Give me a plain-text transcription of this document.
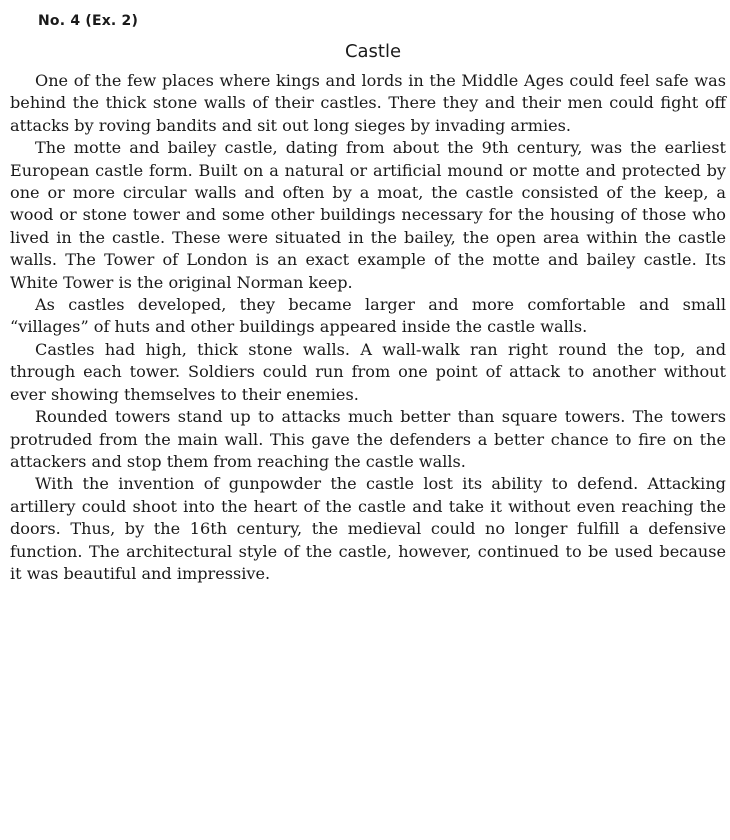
No. 4 (Ex. 2)
Castle

One of the few places where kings and lords in the Middle Ages could feel safe was behind the thick stone walls of their castles. There they and their men could fight off attacks by roving bandits and sit out long sieges by invading armies.

The motte and bailey castle, dating from about the 9th century, was the earliest European castle form. Built on a natural or artificial mound or motte and protected by one or more circular walls and often by a moat, the castle consisted of the keep, a wood or stone tower and some other buildings necessary for the housing of those who lived in the castle. These were situated in the bailey, the open area within the castle walls. The Tower of London is an exact example of the motte and bailey castle. Its White Tower is the original Norman keep.

As castles developed, they became larger and more comfortable and small “villages” of huts and other buildings appeared inside the castle walls.

Castles had high, thick stone walls. A wall-walk ran right round the top, and through each tower. Soldiers could run from one point of attack to another without ever showing themselves to their enemies.

Rounded towers stand up to attacks much better than square towers. The towers protruded from the main wall. This gave the defenders a better chance to fire on the attackers and stop them from reaching the castle walls.

With the invention of gunpowder the castle lost its ability to defend. Attacking artillery could shoot into the heart of the castle and take it without even reaching the doors. Thus, by the 16th century, the medieval could no longer fulfill a defensive function. The architectural style of the castle, however, continued to be used because it was beautiful and impressive.
